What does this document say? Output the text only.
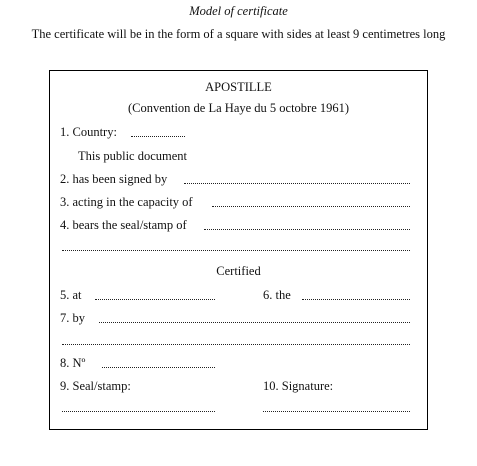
Model of certificate
The certificate will be in the form of a square with sides at least 9 centimetres long
APOSTILLE
(Convention de La Haye du 5 octobre 1961)
1. Country:
This public document
2. has been signed by
3. acting in the capacity of
4. bears the seal/stamp of
Certified
5. at	6. the
7. by
8. Nº
9. Seal/stamp:	10. Signature:
